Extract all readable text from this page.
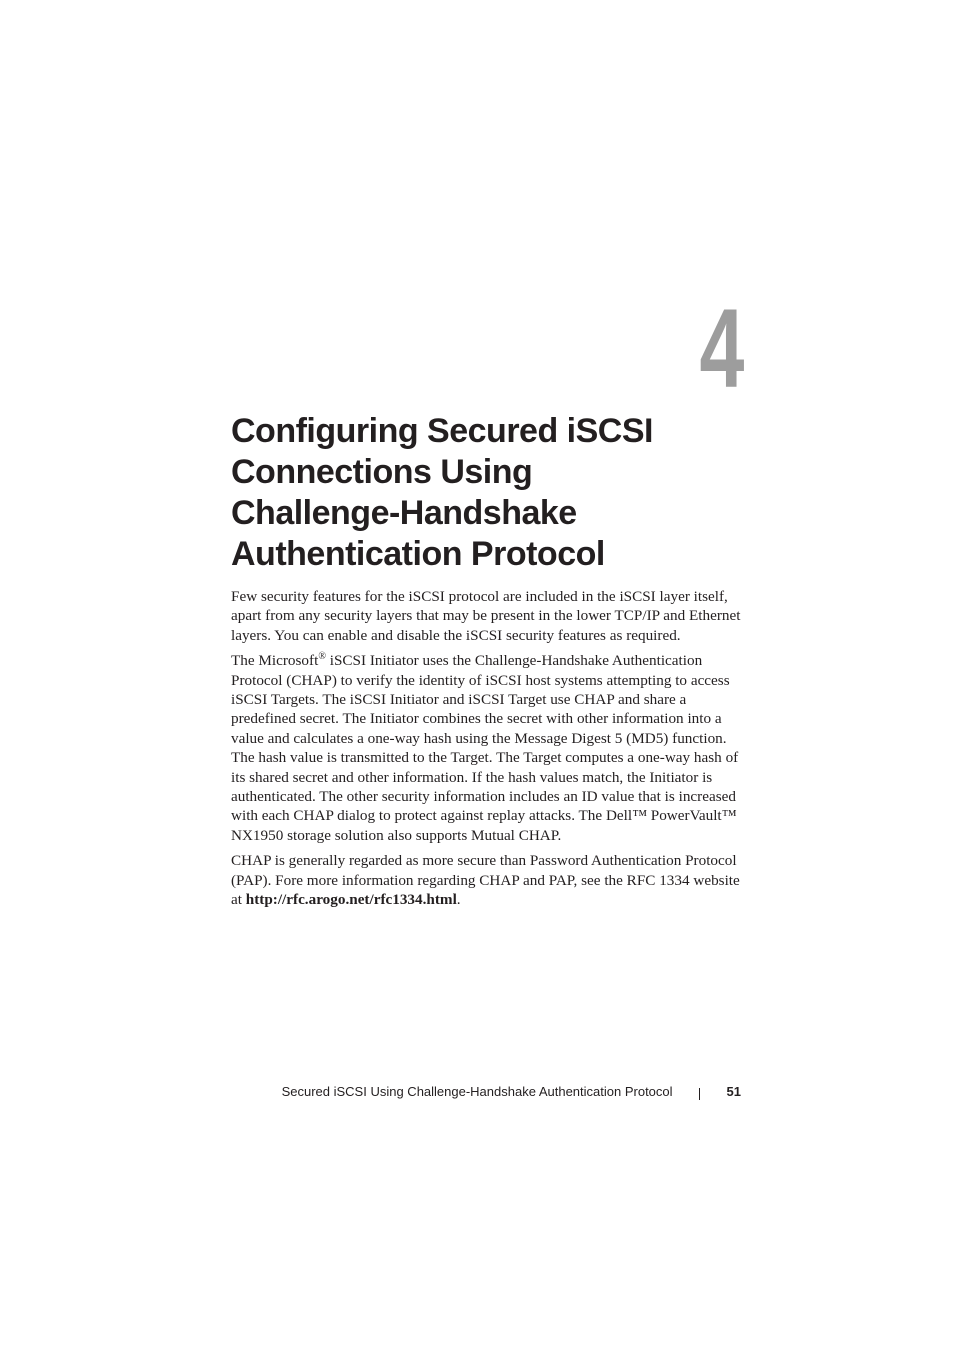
4
Configuring Secured iSCSI
Connections Using
Challenge-Handshake
Authentication Protocol

Few security features for the iSCSI protocol are included in the iSCSI layer itself, apart from any security layers that may be present in the lower TCP/IP and Ethernet layers. You can enable and disable the iSCSI security features as required.

The Microsoft® iSCSI Initiator uses the Challenge-Handshake Authentication Protocol (CHAP) to verify the identity of iSCSI host systems attempting to access iSCSI Targets. The iSCSI Initiator and iSCSI Target use CHAP and share a predefined secret. The Initiator combines the secret with other information into a value and calculates a one-way hash using the Message Digest 5 (MD5) function. The hash value is transmitted to the Target. The Target computes a one-way hash of its shared secret and other information. If the hash values match, the Initiator is authenticated. The other security information includes an ID value that is increased with each CHAP dialog to protect against replay attacks. The Dell™ PowerVault™ NX1950 storage solution also supports Mutual CHAP.

CHAP is generally regarded as more secure than Password Authentication Protocol (PAP). Fore more information regarding CHAP and PAP, see the RFC 1334 website at http://rfc.arogo.net/rfc1334.html.

Secured iSCSI Using Challenge-Handshake Authentication Protocol	51
